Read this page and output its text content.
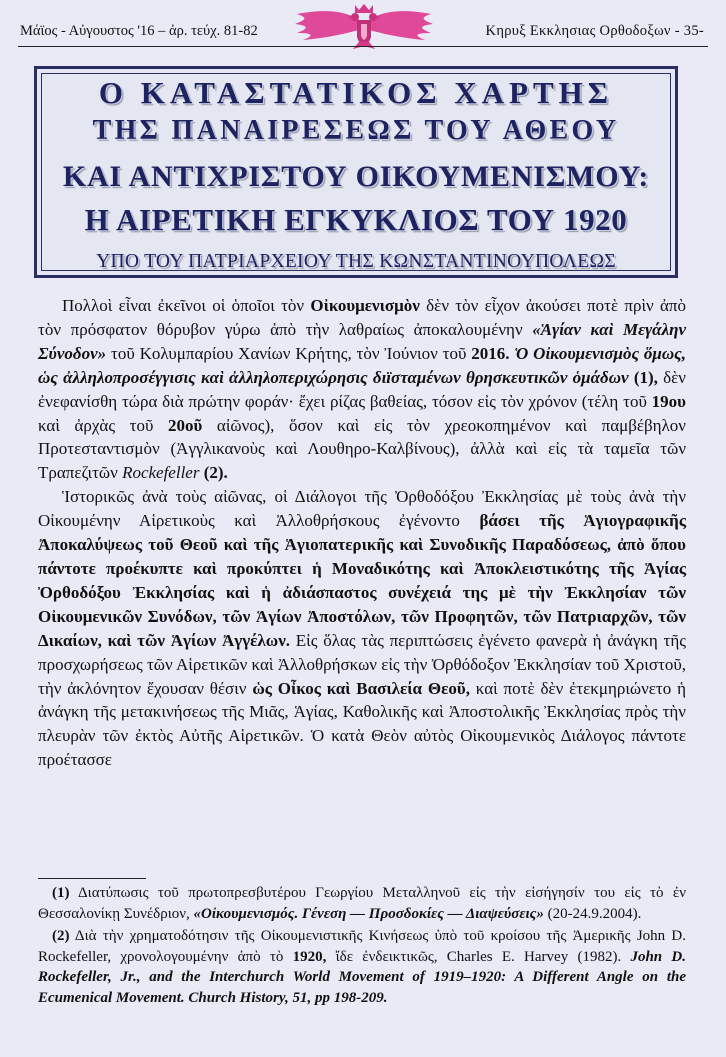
Μάϊος - Αὐγουστος '16 – ἀρ. τεύχ. 81-82	Κηρυξ Εκκλησιας Ορθοδοξων - 35-
Ο ΚΑΤΑΣΤΑΤΙΚΟΣ ΧΑΡΤΗΣ
ΤΗΣ ΠΑΝΑΙΡΕΣΕΩΣ ΤΟΥ ΑΘΕΟΥ
ΚΑΙ ΑΝΤΙΧΡΙΣΤΟΥ ΟΙΚΟΥΜΕΝΙΣΜΟΥ:
Η ΑΙΡΕΤΙΚΗ ΕΓΚΥΚΛΙΟΣ ΤΟΥ 1920
ΥΠΟ ΤΟΥ ΠΑΤΡΙΑΡΧΕΙΟΥ ΤΗΣ ΚΩΝΣΤΑΝΤΙΝΟΥΠΟΛΕΩΣ

Πολλοὶ εἶναι ἐκεῖνοι οἱ ὁποῖοι τὸν Οἰκουμενισμὸν δὲν τὸν εἶχον ἀκούσει ποτὲ πρὶν ἀπὸ τὸν πρόσφατον θόρυβον γύρω ἀπὸ τὴν λαθραίως ἀποκαλουμένην «Ἁγίαν καὶ Μεγάλην Σύνοδον» τοῦ Κολυμπαρίου Χανίων Κρήτης, τὸν Ἰούνιον τοῦ 2016. Ὁ Οἰκουμενισμὸς ὅμως, ὡς ἀλληλοπροσέγγισις καὶ ἀλληλοπεριχώρησις διϊσταμένων θρησκευτικῶν ὁμάδων (1), δὲν ἐνεφανίσθη τώρα διὰ πρώτην φοράν· ἔχει ρίζας βαθείας, τόσον εἰς τὸν χρόνον (τέλη τοῦ 19ου καὶ ἀρχὰς τοῦ 20οῦ αἰῶνος), ὅσον καὶ εἰς τὸν χρεοκοπημένον καὶ παμβέβηλον Προτεσταντισμὸν (Ἀγγλικανοὺς καὶ Λουθηρο-Καλβίνους), ἀλλὰ καὶ εἰς τὰ ταμεῖα τῶν Τραπεζιτῶν Rockefeller (2).

Ἱστορικῶς ἀνὰ τοὺς αἰῶνας, οἱ Διάλογοι τῆς Ὀρθοδόξου Ἐκκλησίας μὲ τοὺς ἀνὰ τὴν Οἰκουμένην Αἱρετικοὺς καὶ Ἀλλοθρήσκους ἐγένοντο βάσει τῆς Ἁγιογραφικῆς Ἀποκαλύψεως τοῦ Θεοῦ καὶ τῆς Ἁγιοπατερικῆς καὶ Συνοδικῆς Παραδόσεως, ἀπὸ ὅπου πάντοτε προέκυπτε καὶ προκύπτει ἡ Μοναδικότης καὶ Ἀποκλειστικότης τῆς Ἁγίας Ὀρθοδόξου Ἐκκλησίας καὶ ἡ ἀδιάσπαστος συνέχειά της μὲ τὴν Ἐκκλησίαν τῶν Οἰκουμενικῶν Συνόδων, τῶν Ἁγίων Ἀποστόλων, τῶν Προφητῶν, τῶν Πατριαρχῶν, τῶν Δικαίων, καὶ τῶν Ἁγίων Ἀγγέλων. Εἰς ὅλας τὰς περιπτώσεις ἐγένετο φανερὰ ἡ ἀνάγκη τῆς προσχωρήσεως τῶν Αἱρετικῶν καὶ Ἀλλοθρήσκων εἰς τὴν Ὀρθόδοξον Ἐκκλησίαν τοῦ Χριστοῦ, τὴν ἀκλόνητον ἔχουσαν θέσιν ὡς Οἶκος καὶ Βασιλεία Θεοῦ, καὶ ποτὲ δὲν ἐτεκμηριώνετο ἡ ἀνάγκη τῆς μετακινήσεως τῆς Μιᾶς, Ἁγίας, Καθολικῆς καὶ Ἀποστολικῆς Ἐκκλησίας πρὸς τὴν πλευρὰν τῶν ἐκτὸς Αὐτῆς Αἱρετικῶν. Ὁ κατὰ Θεὸν αὐτὸς Οἰκουμενικὸς Διάλογος πάντοτε προέτασσε

(1) Διατύπωσις τοῦ πρωτοπρεσβυτέρου Γεωργίου Μεταλληνοῦ εἰς τὴν εἰσήγησίν του εἰς τὸ ἐν Θεσσαλονίκῃ Συνέδριον, «Οἰκουμενισμός. Γένεση — Προσδοκίες — Διαψεύσεις» (20-24.9.2004).

(2) Διὰ τὴν χρηματοδότησιν τῆς Οἰκουμενιστικῆς Κινήσεως ὑπὸ τοῦ κροίσου τῆς Ἀμερικῆς John D. Rockefeller, χρονολογουμένην ἀπὸ τὸ 1920, ἴδε ἐνδεικτικῶς, Charles E. Harvey (1982). John D. Rockefeller, Jr., and the Interchurch World Movement of 1919–1920: A Different Angle on the Ecumenical Movement. Church History, 51, pp 198-209.
